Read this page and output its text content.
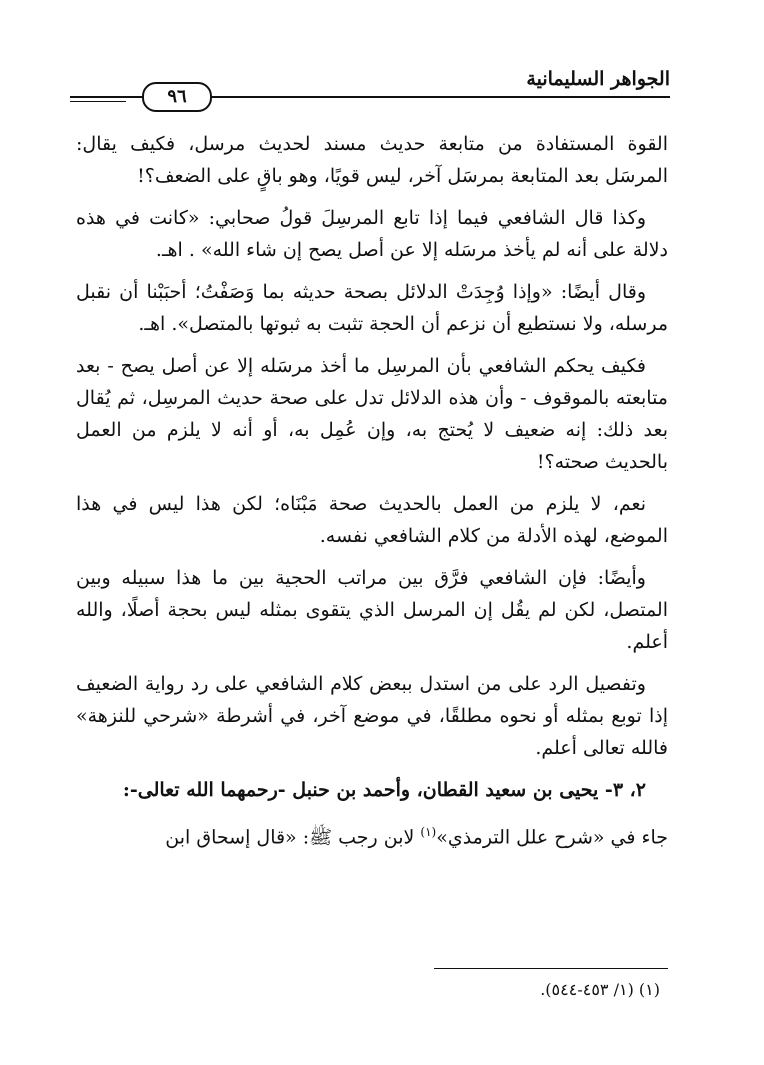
الجواهر السليمانية
٩٦

القوة المستفادة من متابعة حديث مسند لحديث مرسل، فكيف يقال: المرسَل بعد المتابعة بمرسَل آخر، ليس قويًا، وهو باقٍ على الضعف؟!

وكذا قال الشافعي فيما إذا تابع المرسِلَ قولُ صحابي: «كانت في هذه دلالة على أنه لم يأخذ مرسَله إلا عن أصل يصح إن شاء الله» . اهـ.

وقال أيضًا: «وإذا وُجِدَتْ الدلائل بصحة حديثه بما وَصَفْتُ؛ أحبَبْنا أن نقبل مرسله، ولا نستطيع أن نزعم أن الحجة تثبت به ثبوتها بالمتصل». اهـ.

فكيف يحكم الشافعي بأن المرسِل ما أخذ مرسَله إلا عن أصل يصح - بعد متابعته بالموقوف - وأن هذه الدلائل تدل على صحة حديث المرسِل، ثم يُقال بعد ذلك: إنه ضعيف لا يُحتج به، وإن عُمِل به، أو أنه لا يلزم من العمل بالحديث صحته؟!

نعم، لا يلزم من العمل بالحديث صحة مَبْنَاه؛ لكن هذا ليس في هذا الموضع، لهذه الأدلة من كلام الشافعي نفسه.

وأيضًا: فإن الشافعي فرَّق بين مراتب الحجية بين ما هذا سبيله وبين المتصل، لكن لم يقُل إن المرسل الذي يتقوى بمثله ليس بحجة أصلًا، والله أعلم.

وتفصيل الرد على من استدل ببعض كلام الشافعي على رد رواية الضعيف إذا توبع بمثله أو نحوه مطلقًا، في موضع آخر، في أشرطة «شرحي للنزهة» فالله تعالى أعلم.

٢، ٣- يحيى بن سعيد القطان، وأحمد بن حنبل -رحمهما الله تعالى-:

جاء في «شرح علل الترمذي»$^{(١)}$ لابن رجب ﷺ: «قال إسحاق ابن

(١) (١/ ٤٥٣-٥٤٤).
